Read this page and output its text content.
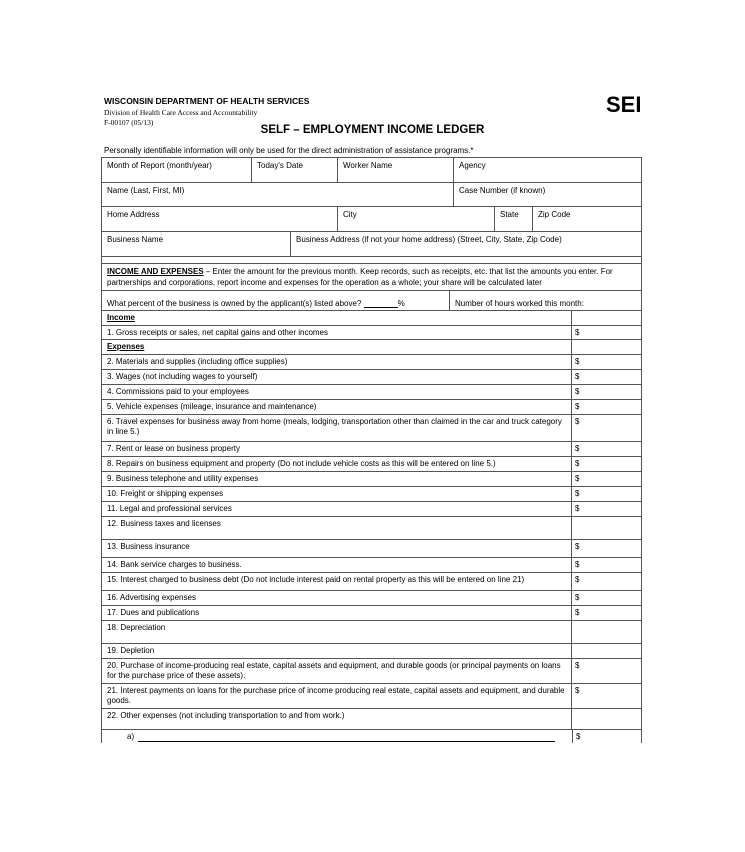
WISCONSIN DEPARTMENT OF HEALTH SERVICES
Division of Health Care Access and Accountability
F-00107 (05/13)
SEI
SELF – EMPLOYMENT INCOME LEDGER
Personally identifiable information will only be used for the direct administration of assistance programs.*
Month of Report (month/year)	Today's Date	Worker Name	Agency
Name (Last, First, MI)	Case Number (if known)
Home Address	City	State	Zip Code
Business Name	Business Address (if not your home address) (Street, City, State, Zip Code)
INCOME AND EXPENSES – Enter the amount for the previous month. Keep records, such as receipts, etc. that list the amounts you enter. For partnerships and corporations, report income and expenses for the operation as a whole; your share will be calculated later
What percent of the business is owned by the applicant(s) listed above?	%	Number of hours worked this month:
Income
1. Gross receipts or sales, net capital gains and other incomes	$
Expenses
2. Materials and supplies (including office supplies)	$
3. Wages (not including wages to yourself)	$
4. Commissions paid to your employees	$
5. Vehicle expenses (mileage, insurance and maintenance)	$
6. Travel expenses for business away from home (meals, lodging, transportation other than claimed in the car and truck category in line 5.)
$
7. Rent or lease on business property	$
8. Repairs on business equipment and property (Do not include vehicle costs as this will be entered on line 5.)	$
9. Business telephone and utility expenses	$
10. Freight or shipping expenses	$
11. Legal and professional services	$
12. Business taxes and licenses
13. Business insurance	$
14. Bank service charges to business.	$
15. Interest charged to business debt (Do not include interest paid on rental property as this will be entered on line 21)	$
16. Advertising expenses	$
17. Dues and publications	$
18. Depreciation
19. Depletion
20. Purchase of income-producing real estate, capital assets and equipment, and durable goods (or principal payments on loans for the purchase price of these assets).
$
21. Interest payments on loans for the purchase price of income producing real estate, capital assets and equipment, and durable goods.
$
22. Other expenses (not including transportation to and from work.)
a)	$
